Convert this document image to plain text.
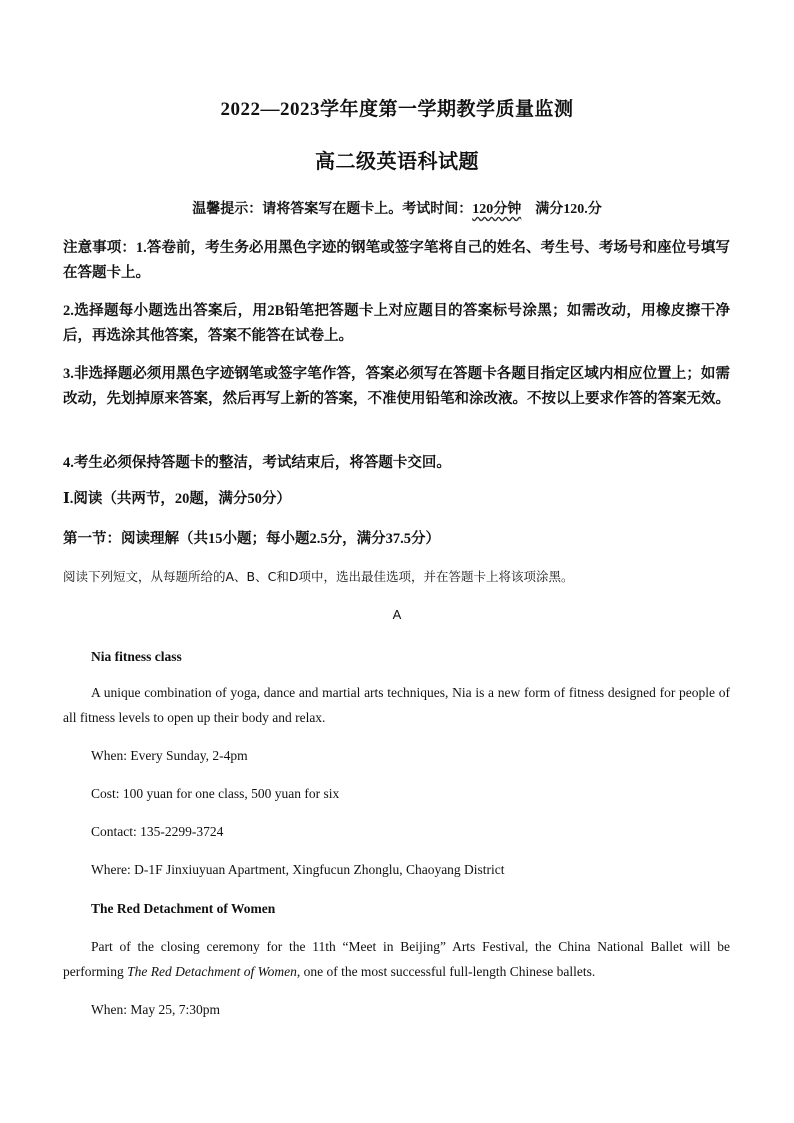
2022—2023学年度第一学期教学质量监测
高二级英语科试题
温馨提示：请将答案写在题卡上。考试时间：120分钟    满分120.分
注意事项：1.答卷前，考生务必用黑色字迹的钢笔或签字笔将自己的姓名、考生号、考场号和座位号填写在答题卡上。
2.选择题每小题选出答案后，用2B铅笔把答题卡上对应题目的答案标号涂黑；如需改动，用橡皮擦干净后，再选涂其他答案，答案不能答在试卷上。
3.非选择题必须用黑色字迹钢笔或签字笔作答，答案必须写在答题卡各题目指定区域内相应位置上；如需改动，先划掉原来答案，然后再写上新的答案，不准使用铅笔和涂改液。不按以上要求作答的答案无效。
4.考生必须保持答题卡的整洁，考试结束后，将答题卡交回。
Ⅰ.阅读（共两节，20题，满分50分）
第一节：阅读理解（共15小题；每小题2.5分，满分37.5分）
阅读下列短文，从每题所给的A、B、C和D项中，选出最佳选项，并在答题卡上将该项涂黑。
A
Nia fitness class
A unique combination of yoga, dance and martial arts techniques, Nia is a new form of fitness designed for people of all fitness levels to open up their body and relax.
When: Every Sunday, 2-4pm
Cost: 100 yuan for one class, 500 yuan for six
Contact: 135-2299-3724
Where: D-1F Jinxiuyuan Apartment, Xingfucun Zhonglu, Chaoyang District
The Red Detachment of Women
Part of the closing ceremony for the 11th “Meet in Beijing” Arts Festival, the China National Ballet will be performing The Red Detachment of Women, one of the most successful full-length Chinese ballets.
When: May 25, 7:30pm
